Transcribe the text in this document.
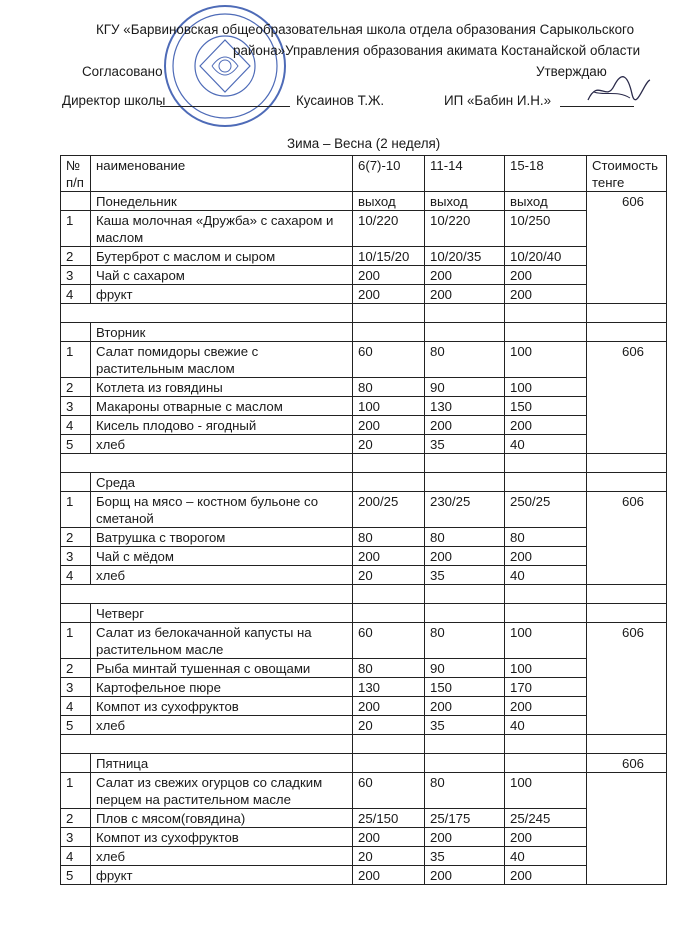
КГУ «Барвиновская общеобразовательная школа отдела образования Сарыкольского
района»Управления образования акимата Костанайской области
Согласовано	Утверждаю
Директор школы	Кусаинов Т.Ж.	ИП «Бабин И.Н.»
Зима – Весна (2 неделя)
№
п/п	наименование	6(7)-10	11-14	15-18	Стоимость тенге
	Понедельник	выход	выход	выход	606
1	Каша молочная «Дружба» с сахаром и маслом	10/220	10/220	10/250	
2	Бутерброт с маслом и сыром	10/15/20	10/20/35	10/20/40	
3	Чай с сахаром	200	200	200	
4	фрукт	200	200	200	

	Вторник				
1	Салат помидоры свежие с растительным маслом	60	80	100	606
2	Котлета из говядины	80	90	100	
3	Макароны отварные с маслом	100	130	150	
4	Кисель плодово - ягодный	200	200	200	
5	хлеб	20	35	40	

	Среда				
1	Борщ на мясо – костном бульоне со сметаной	200/25	230/25	250/25	606
2	Ватрушка с творогом	80	80	80	
3	Чай с мёдом	200	200	200	
4	хлеб	20	35	40	

	Четверг				
1	Салат из белокачанной капусты на растительном масле	60	80	100	606
2	Рыба минтай тушенная с овощами	80	90	100	
3	Картофельное пюре	130	150	170	
4	Компот из сухофруктов	200	200	200	
5	хлеб	20	35	40	

	Пятница				606
1	Салат из свежих огурцов со сладким перцем на растительном масле	60	80	100	
2	Плов с мясом(говядина)	25/150	25/175	25/245	
3	Компот из сухофруктов	200	200	200	
4	хлеб	20	35	40	
5	фрукт	200	200	200	
